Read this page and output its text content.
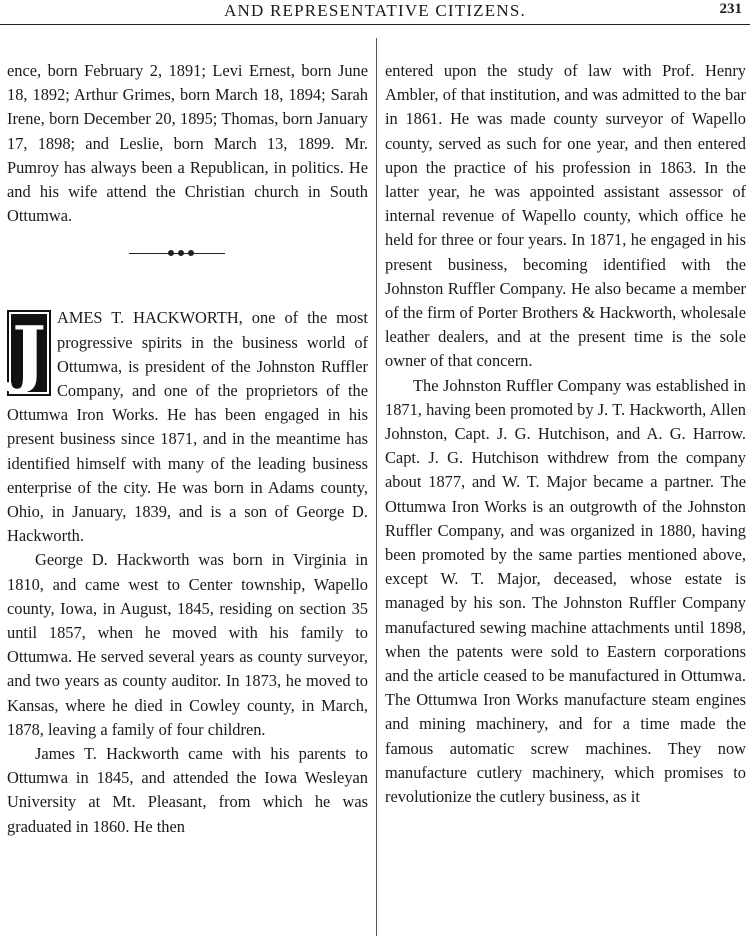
AND REPRESENTATIVE CITIZENS.	231

ence, born February 2, 1891; Levi Ernest, born June 18, 1892; Arthur Grimes, born March 18, 1894; Sarah Irene, born December 20, 1895; Thomas, born January 17, 1898; and Leslie, born March 13, 1899. Mr. Pumroy has always been a Republican, in politics. He and his wife attend the Christian church in South Ottumwa.

J AMES T. HACKWORTH, one of the most progressive spirits in the business world of Ottumwa, is president of the Johnston Ruffler Company, and one of the proprietors of the Ottumwa Iron Works. He has been engaged in his present business since 1871, and in the meantime has identified himself with many of the leading business enterprise of the city. He was born in Adams county, Ohio, in January, 1839, and is a son of George D. Hackworth.

George D. Hackworth was born in Virginia in 1810, and came west to Center township, Wapello county, Iowa, in August, 1845, residing on section 35 until 1857, when he moved with his family to Ottumwa. He served several years as county surveyor, and two years as county auditor. In 1873, he moved to Kansas, where he died in Cowley county, in March, 1878, leaving a family of four children.

James T. Hackworth came with his parents to Ottumwa in 1845, and attended the Iowa Wesleyan University at Mt. Pleasant, from which he was graduated in 1860. He then

entered upon the study of law with Prof. Henry Ambler, of that institution, and was admitted to the bar in 1861. He was made county surveyor of Wapello county, served as such for one year, and then entered upon the practice of his profession in 1863. In the latter year, he was appointed assistant assessor of internal revenue of Wapello county, which office he held for three or four years. In 1871, he engaged in his present business, becoming identified with the Johnston Ruffler Company. He also became a member of the firm of Porter Brothers & Hackworth, wholesale leather dealers, and at the present time is the sole owner of that concern.

The Johnston Ruffler Company was established in 1871, having been promoted by J. T. Hackworth, Allen Johnston, Capt. J. G. Hutchison, and A. G. Harrow. Capt. J. G. Hutchison withdrew from the company about 1877, and W. T. Major became a partner. The Ottumwa Iron Works is an outgrowth of the Johnston Ruffler Company, and was organized in 1880, having been promoted by the same parties mentioned above, except W. T. Major, deceased, whose estate is managed by his son. The Johnston Ruffler Company manufactured sewing machine attachments until 1898, when the patents were sold to Eastern corporations and the article ceased to be manufactured in Ottumwa. The Ottumwa Iron Works manufacture steam engines and mining machinery, and for a time made the famous automatic screw machines. They now manufacture cutlery machinery, which promises to revolutionize the cutlery business, as it
